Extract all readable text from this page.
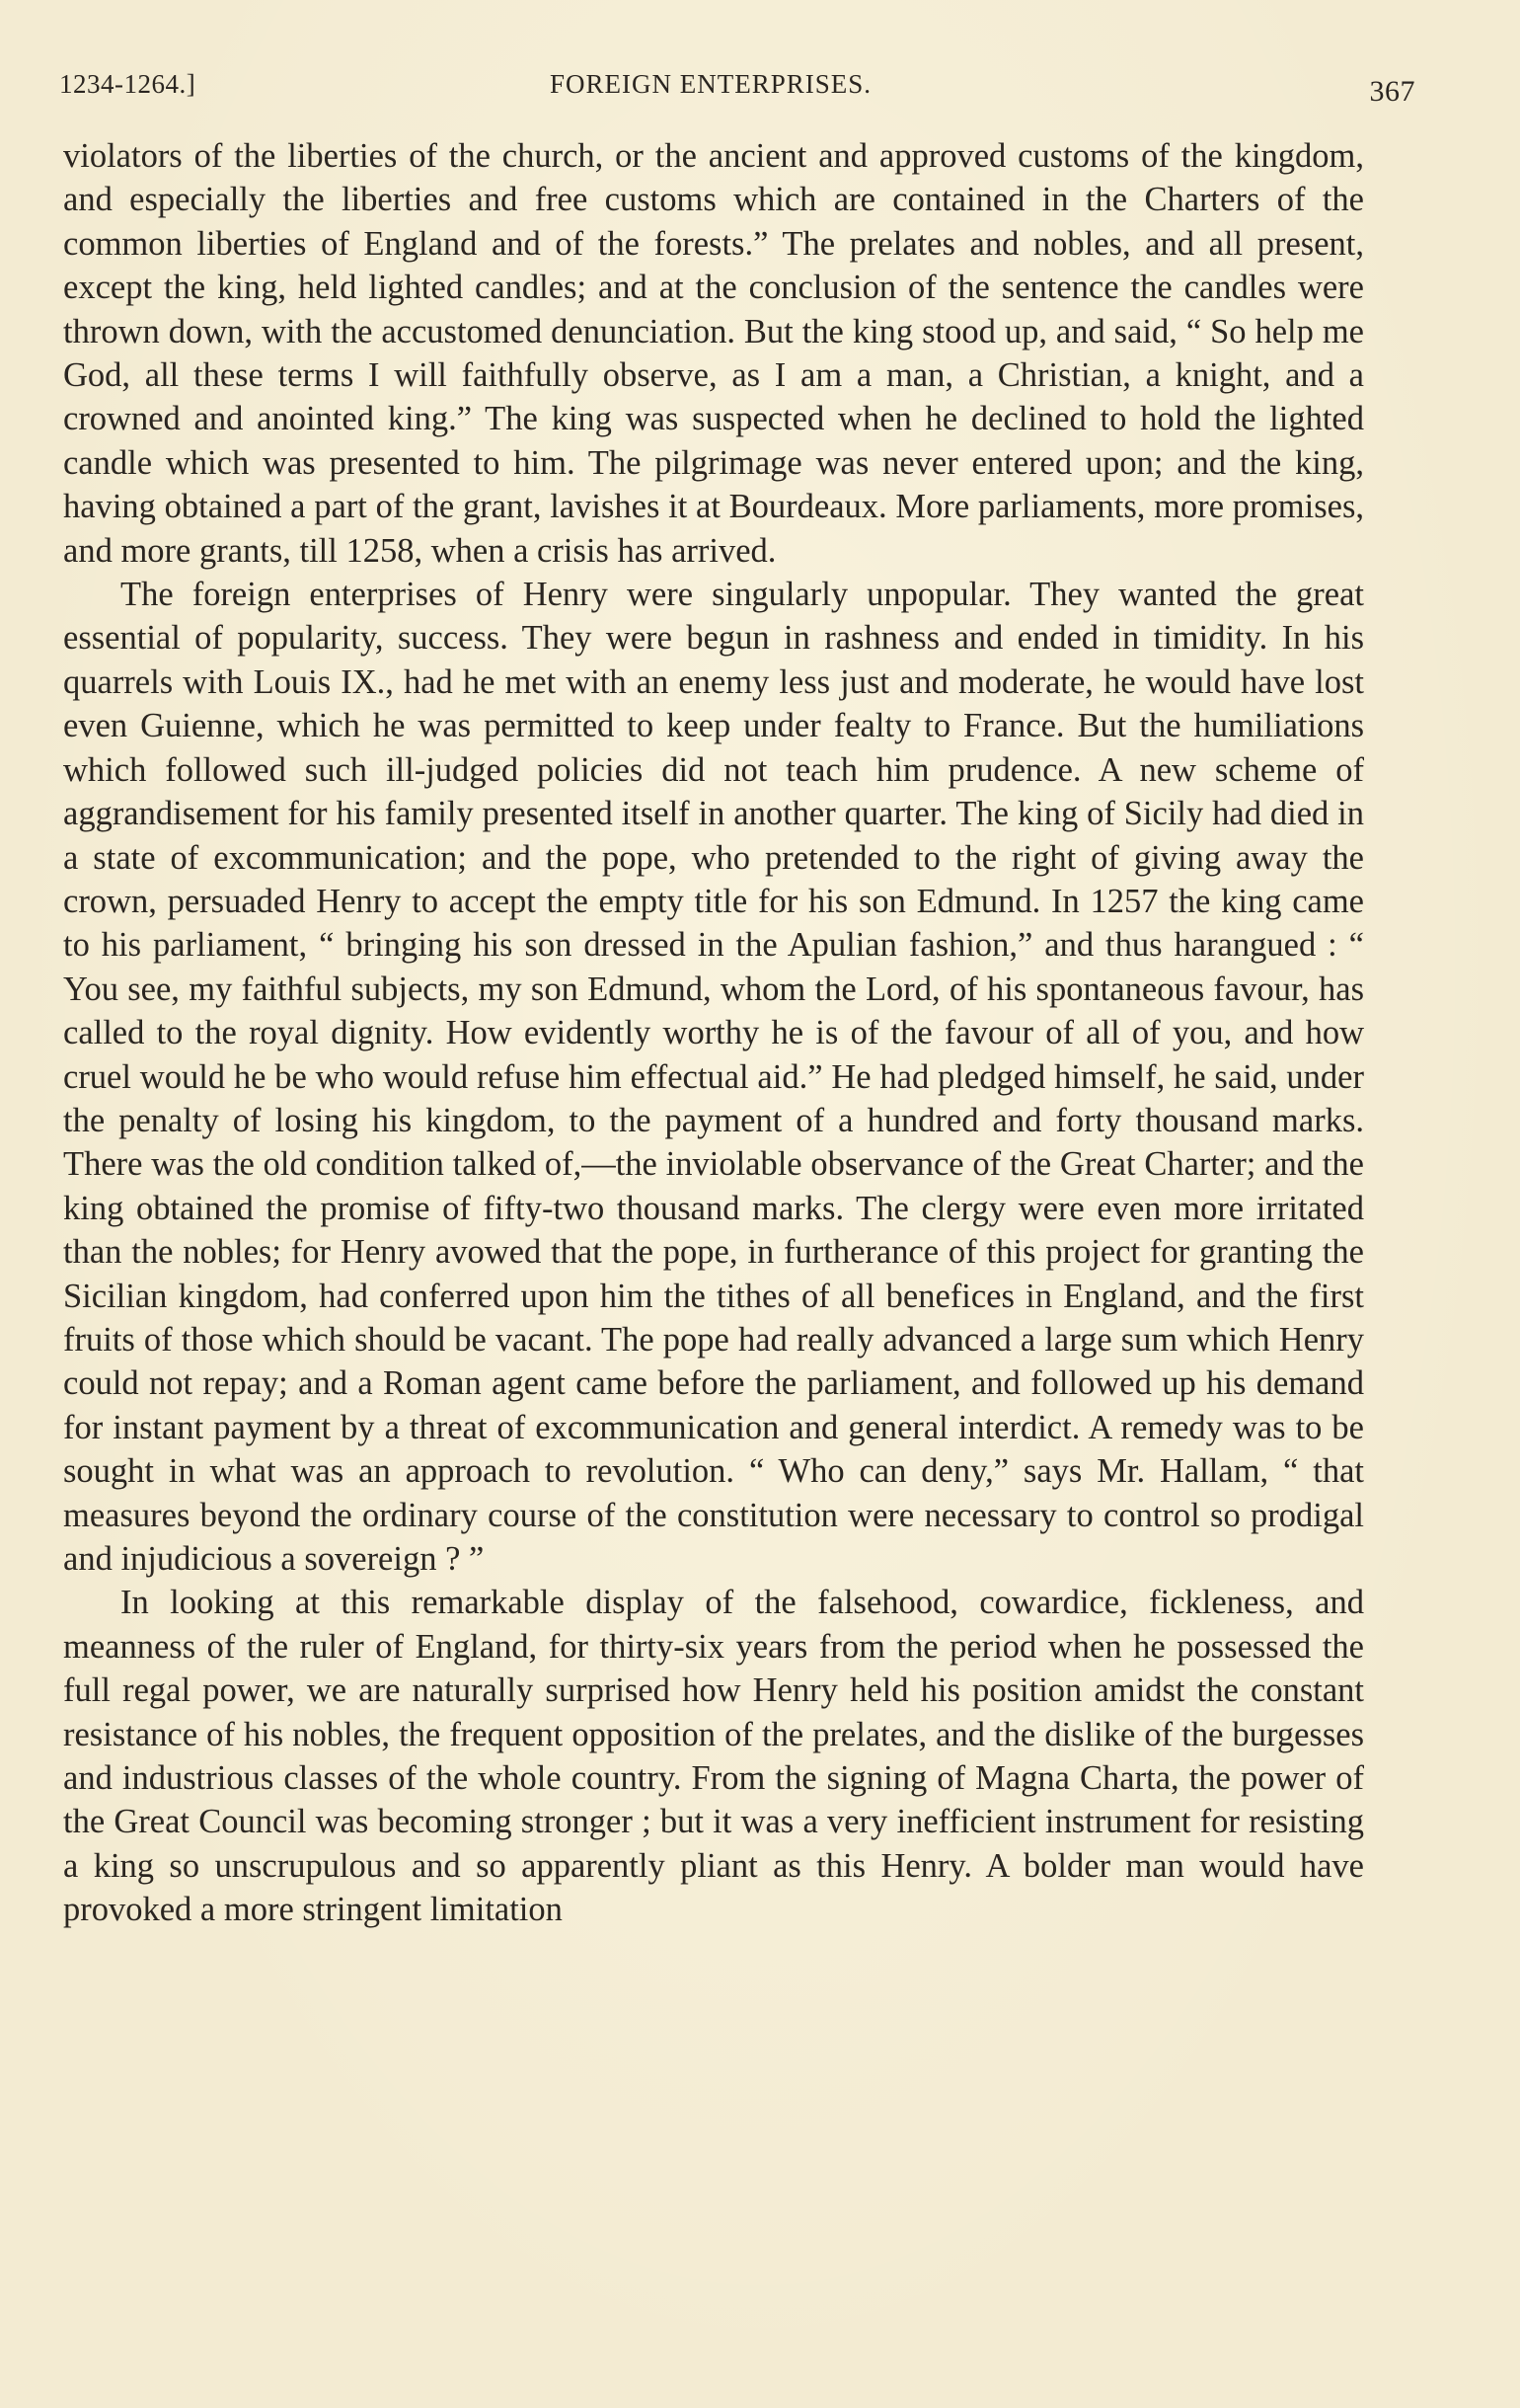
1234-1264.]	FOREIGN ENTERPRISES.	367

violators of the liberties of the church, or the ancient and approved customs of the kingdom, and especially the liberties and free customs which are contained in the Charters of the common liberties of England and of the forests.” The prelates and nobles, and all present, except the king, held lighted candles; and at the conclusion of the sentence the candles were thrown down, with the accustomed denunciation. But the king stood up, and said, “ So help me God, all these terms I will faithfully observe, as I am a man, a Christian, a knight, and a crowned and anointed king.” The king was suspected when he declined to hold the lighted candle which was presented to him. The pilgrimage was never entered upon; and the king, having obtained a part of the grant, lavishes it at Bourdeaux. More parliaments, more promises, and more grants, till 1258, when a crisis has arrived.

The foreign enterprises of Henry were singularly unpopular. They wanted the great essential of popularity, success. They were begun in rashness and ended in timidity. In his quarrels with Louis IX., had he met with an enemy less just and moderate, he would have lost even Guienne, which he was permitted to keep under fealty to France. But the humiliations which followed such ill-judged policies did not teach him prudence. A new scheme of aggrandisement for his family presented itself in another quarter. The king of Sicily had died in a state of excommunication; and the pope, who pretended to the right of giving away the crown, persuaded Henry to accept the empty title for his son Edmund. In 1257 the king came to his parliament, “ bringing his son dressed in the Apulian fashion,” and thus harangued : “ You see, my faithful subjects, my son Edmund, whom the Lord, of his spontaneous favour, has called to the royal dignity. How evidently worthy he is of the favour of all of you, and how cruel would he be who would refuse him effectual aid.” He had pledged himself, he said, under the penalty of losing his kingdom, to the payment of a hundred and forty thousand marks. There was the old condition talked of,—the inviolable observance of the Great Charter; and the king obtained the promise of fifty-two thousand marks. The clergy were even more irritated than the nobles; for Henry avowed that the pope, in furtherance of this project for granting the Sicilian kingdom, had conferred upon him the tithes of all benefices in England, and the first fruits of those which should be vacant. The pope had really advanced a large sum which Henry could not repay; and a Roman agent came before the parliament, and followed up his demand for instant payment by a threat of excommunication and general interdict. A remedy was to be sought in what was an approach to revolution. “ Who can deny,” says Mr. Hallam, “ that measures beyond the ordinary course of the constitution were necessary to control so prodigal and injudicious a sovereign ? ”

In looking at this remarkable display of the falsehood, cowardice, fickleness, and meanness of the ruler of England, for thirty-six years from the period when he possessed the full regal power, we are naturally surprised how Henry held his position amidst the constant resistance of his nobles, the frequent opposition of the prelates, and the dislike of the burgesses and industrious classes of the whole country. From the signing of Magna Charta, the power of the Great Council was becoming stronger ; but it was a very inefficient instrument for resisting a king so unscrupulous and so apparently pliant as this Henry. A bolder man would have provoked a more stringent limitation
